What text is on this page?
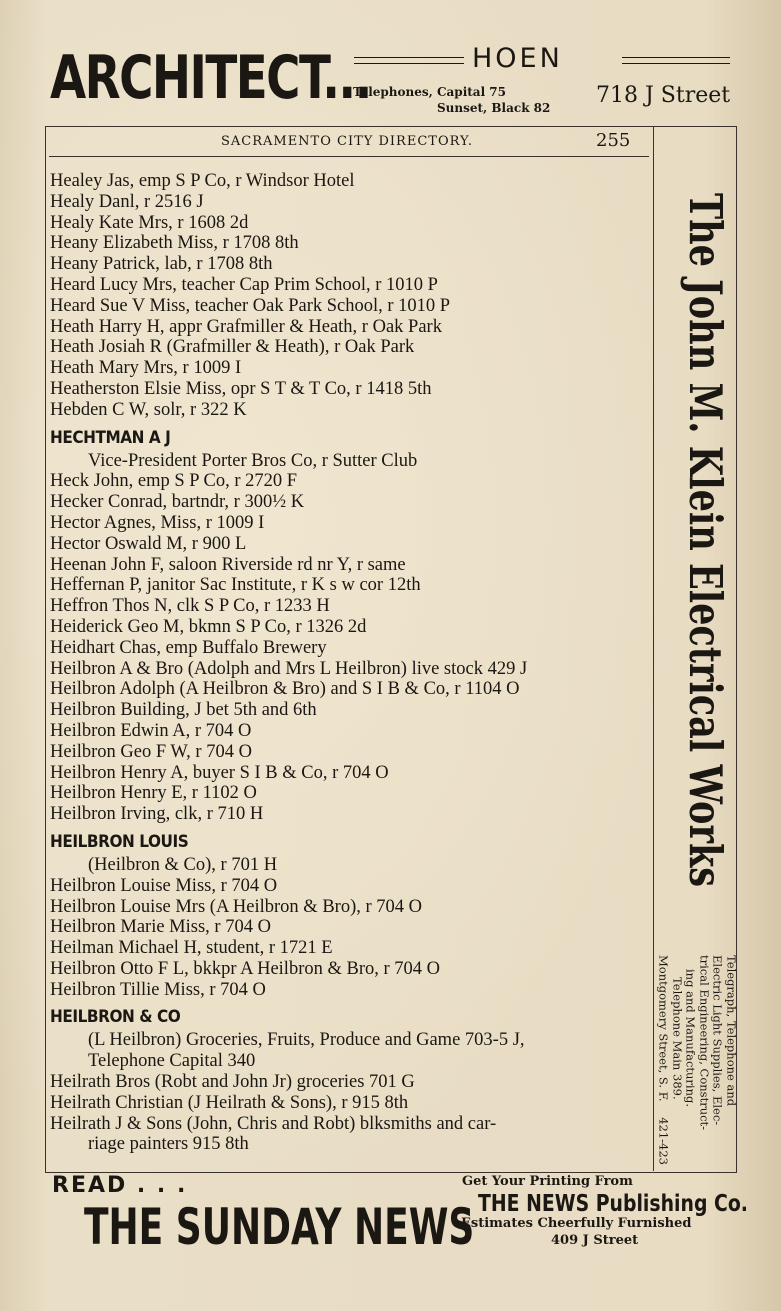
ARCHITECT...	HOEN
Telephones, Capital 75
Sunset, Black 82	718 J Street
SACRAMENTO CITY DIRECTORY.	255
Healey Jas, emp S P Co, r Windsor Hotel
Healy Danl, r 2516 J
Healy Kate Mrs, r 1608 2d
Heany Elizabeth Miss, r 1708 8th
Heany Patrick, lab, r 1708 8th
Heard Lucy Mrs, teacher Cap Prim School, r 1010 P
Heard Sue V Miss, teacher Oak Park School, r 1010 P
Heath Harry H, appr Grafmiller & Heath, r Oak Park
Heath Josiah R (Grafmiller & Heath), r Oak Park
Heath Mary Mrs, r 1009 I
Heatherston Elsie Miss, opr S T & T Co, r 1418 5th
Hebden C W, solr, r 322 K
HECHTMAN A J
Vice-President Porter Bros Co, r Sutter Club
Heck John, emp S P Co, r 2720 F
Hecker Conrad, bartndr, r 300½ K
Hector Agnes, Miss, r 1009 I
Hector Oswald M, r 900 L
Heenan John F, saloon Riverside rd nr Y, r same
Heffernan P, janitor Sac Institute, r K s w cor 12th
Heffron Thos N, clk S P Co, r 1233 H
Heiderick Geo M, bkmn S P Co, r 1326 2d
Heidhart Chas, emp Buffalo Brewery
Heilbron A & Bro (Adolph and Mrs L Heilbron) live stock 429 J
Heilbron Adolph (A Heilbron & Bro) and S I B & Co, r 1104 O
Heilbron Building, J bet 5th and 6th
Heilbron Edwin A, r 704 O
Heilbron Geo F W, r 704 O
Heilbron Henry A, buyer S I B & Co, r 704 O
Heilbron Henry E, r 1102 O
Heilbron Irving, clk, r 710 H
HEILBRON LOUIS
(Heilbron & Co), r 701 H
Heilbron Louise Miss, r 704 O
Heilbron Louise Mrs (A Heilbron & Bro), r 704 O
Heilbron Marie Miss, r 704 O
Heilman Michael H, student, r 1721 E
Heilbron Otto F L, bkkpr A Heilbron & Bro, r 704 O
Heilbron Tillie Miss, r 704 O
HEILBRON & CO
(L Heilbron) Groceries, Fruits, Produce and Game 703-5 J,
Telephone Capital 340
Heilrath Bros (Robt and John Jr) groceries 701 G
Heilrath Christian (J Heilrath & Sons), r 915 8th
Heilrath J & Sons (John, Chris and Robt) blksmiths and car-
riage painters 915 8th
The John M. Klein Electrical Works
Telegraph, Telephone and
Electric Light Supplies, Elec-
trical Engineering, Construct-
ing and Manufacturing.
Telephone Main 389.
Montgomery Street, S. F.
421-423
READ . . .
THE SUNDAY NEWS
Get Your Printing From
THE NEWS Publishing Co.
Estimates Cheerfully Furnished
409 J Street
